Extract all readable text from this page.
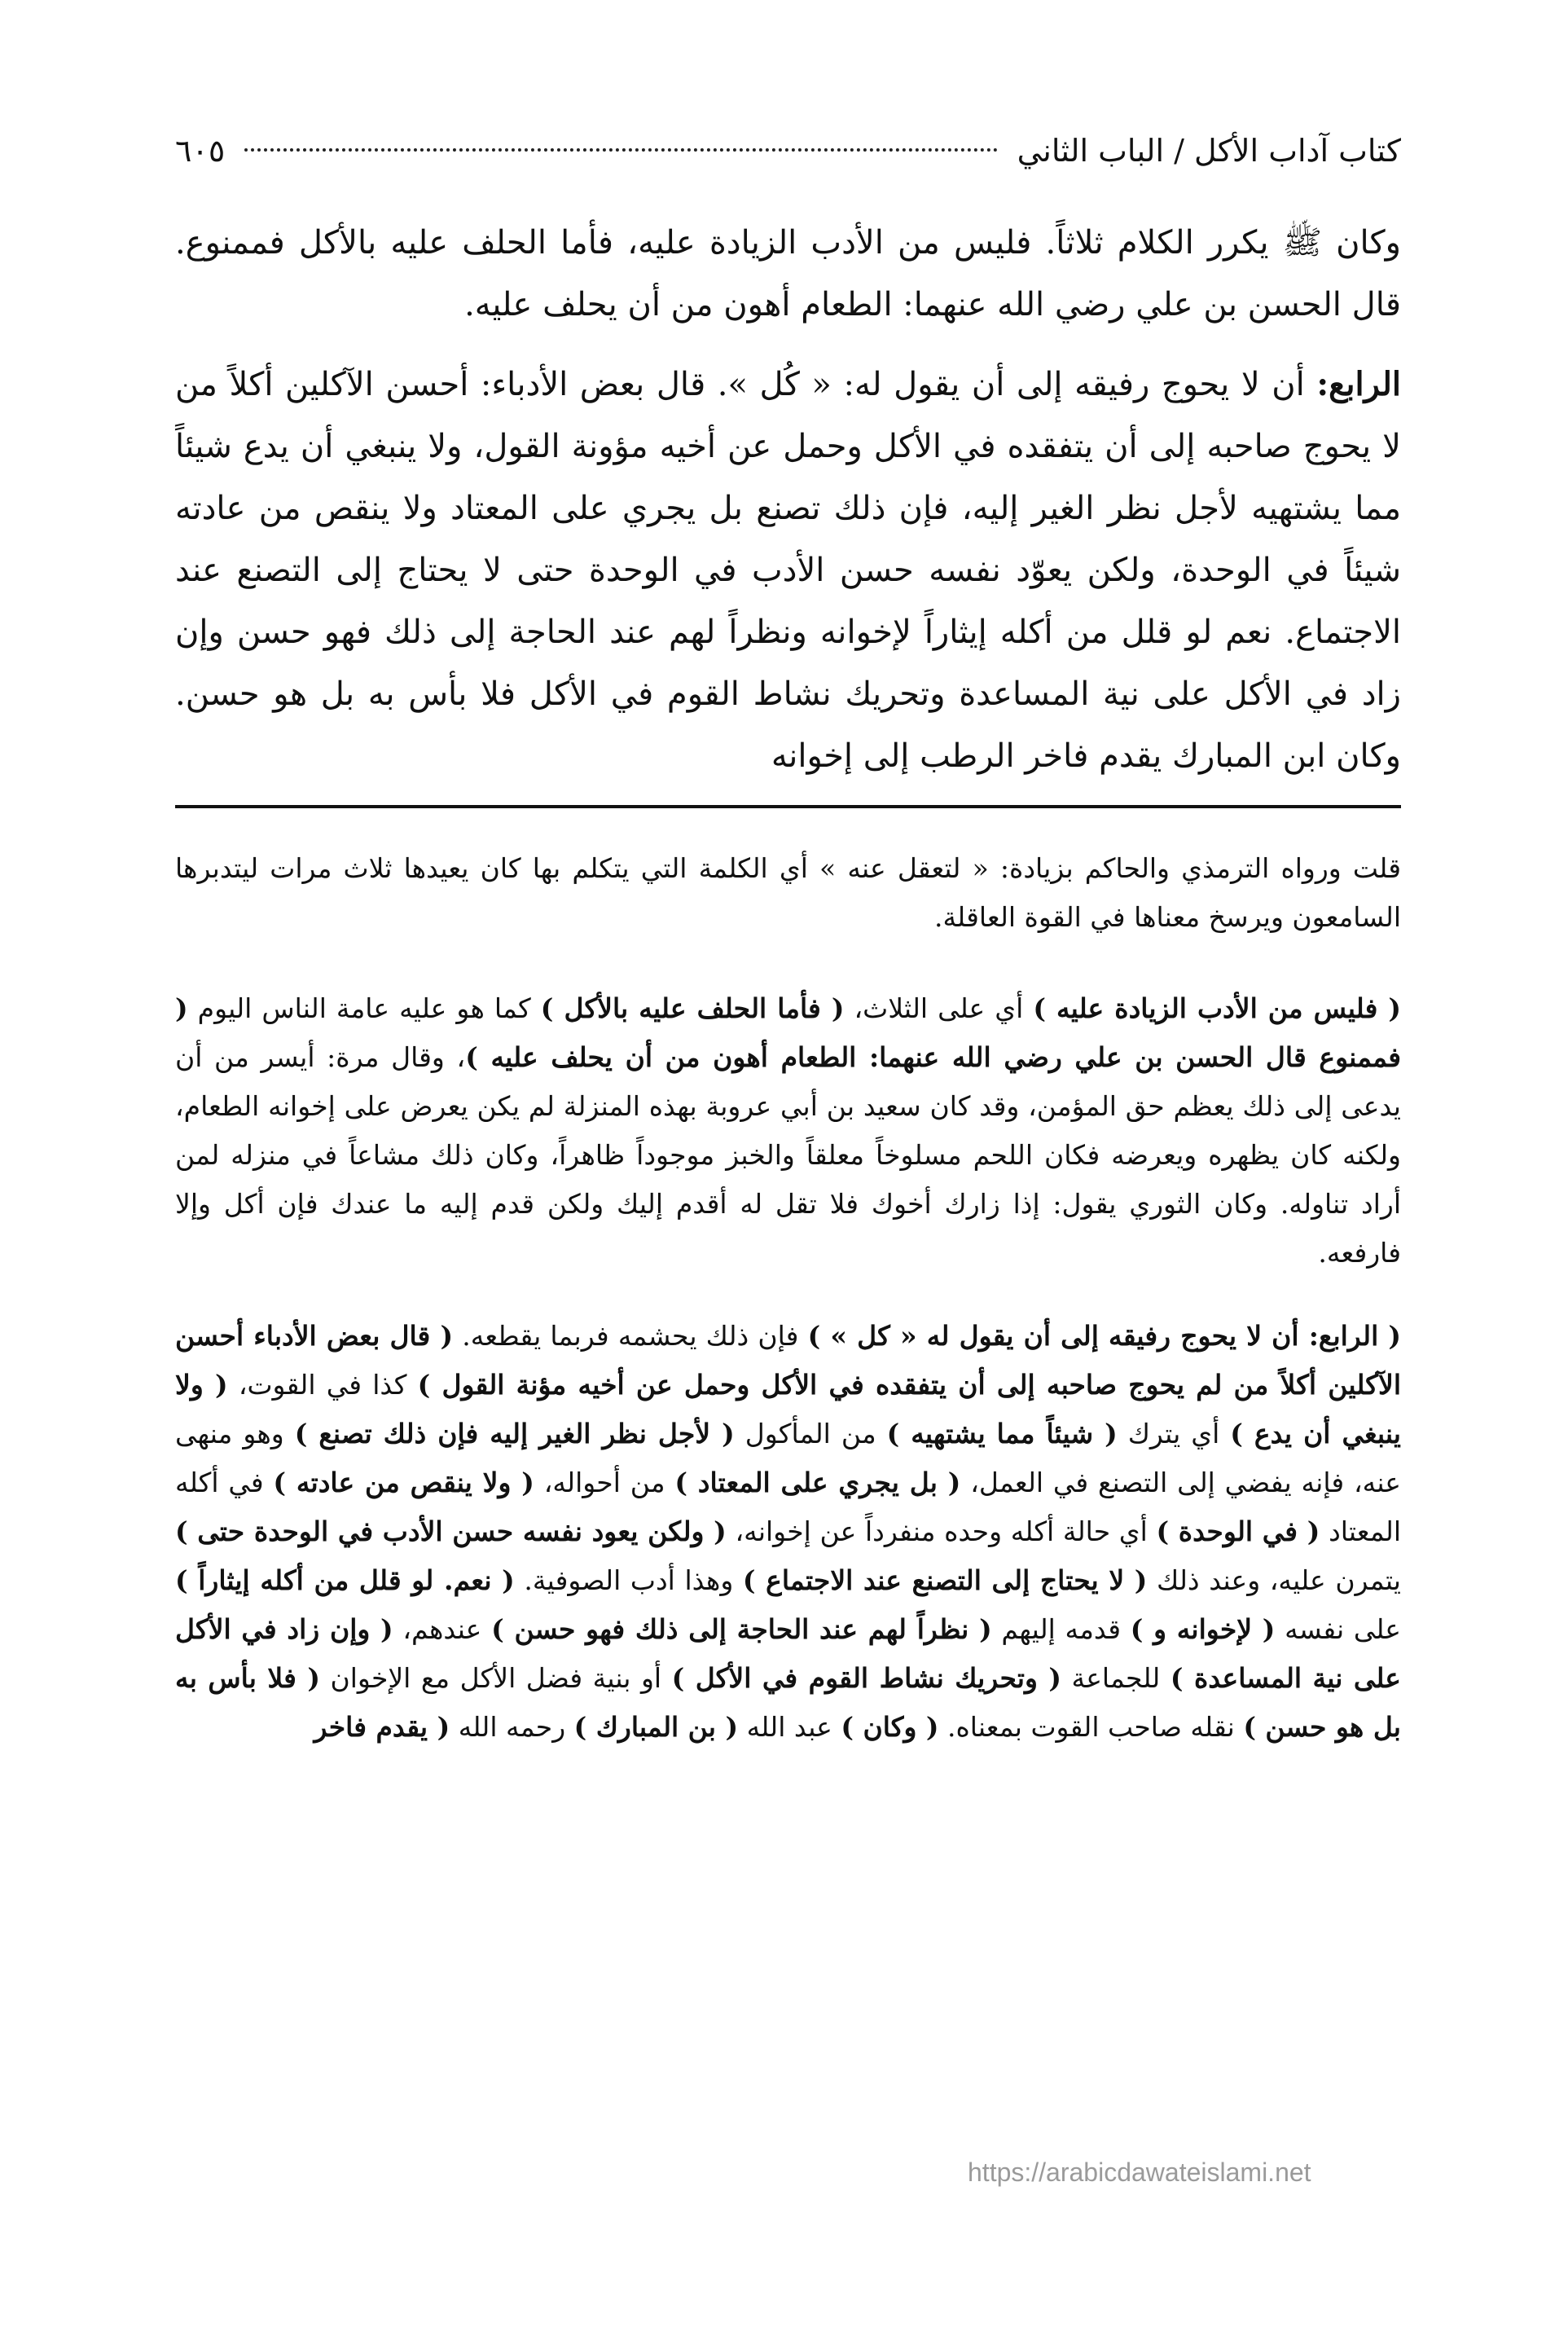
كتاب آداب الأكل / الباب الثاني
٦٠٥

وكان ﷺ يكرر الكلام ثلاثاً. فليس من الأدب الزيادة عليه، فأما الحلف عليه بالأكل فممنوع. قال الحسن بن علي رضي الله عنهما: الطعام أهون من أن يحلف عليه.

الرابع: أن لا يحوج رفيقه إلى أن يقول له: « كُل ». قال بعض الأدباء: أحسن الآكلين أكلاً من لا يحوج صاحبه إلى أن يتفقده في الأكل وحمل عن أخيه مؤونة القول، ولا ينبغي أن يدع شيئاً مما يشتهيه لأجل نظر الغير إليه، فإن ذلك تصنع بل يجري على المعتاد ولا ينقص من عادته شيئاً في الوحدة، ولكن يعوّد نفسه حسن الأدب في الوحدة حتى لا يحتاج إلى التصنع عند الاجتماع. نعم لو قلل من أكله إيثاراً لإخوانه ونظراً لهم عند الحاجة إلى ذلك فهو حسن وإن زاد في الأكل على نية المساعدة وتحريك نشاط القوم في الأكل فلا بأس به بل هو حسن. وكان ابن المبارك يقدم فاخر الرطب إلى إخوانه

قلت ورواه الترمذي والحاكم بزيادة: « لتعقل عنه » أي الكلمة التي يتكلم بها كان يعيدها ثلاث مرات ليتدبرها السامعون ويرسخ معناها في القوة العاقلة.

( فليس من الأدب الزيادة عليه ) أي على الثلاث، ( فأما الحلف عليه بالأكل ) كما هو عليه عامة الناس اليوم ( فممنوع قال الحسن بن علي رضي الله عنهما: الطعام أهون من أن يحلف عليه )، وقال مرة: أيسر من أن يدعى إلى ذلك يعظم حق المؤمن، وقد كان سعيد بن أبي عروبة بهذه المنزلة لم يكن يعرض على إخوانه الطعام، ولكنه كان يظهره ويعرضه فكان اللحم مسلوخاً معلقاً والخبز موجوداً ظاهراً، وكان ذلك مشاعاً في منزله لمن أراد تناوله. وكان الثوري يقول: إذا زارك أخوك فلا تقل له أقدم إليك ولكن قدم إليه ما عندك فإن أكل وإلا فارفعه.

( الرابع: أن لا يحوج رفيقه إلى أن يقول له « كل » ) فإن ذلك يحشمه فربما يقطعه. ( قال بعض الأدباء أحسن الآكلين أكلاً من لم يحوج صاحبه إلى أن يتفقده في الأكل وحمل عن أخيه مؤنة القول ) كذا في القوت، ( ولا ينبغي أن يدع ) أي يترك ( شيئاً مما يشتهيه ) من المأكول ( لأجل نظر الغير إليه فإن ذلك تصنع ) وهو منهى عنه، فإنه يفضي إلى التصنع في العمل، ( بل يجري على المعتاد ) من أحواله، ( ولا ينقص من عادته ) في أكله المعتاد ( في الوحدة ) أي حالة أكله وحده منفرداً عن إخوانه، ( ولكن يعود نفسه حسن الأدب في الوحدة حتى ) يتمرن عليه، وعند ذلك ( لا يحتاج إلى التصنع عند الاجتماع ) وهذا أدب الصوفية. ( نعم. لو قلل من أكله إيثاراً ) على نفسه ( لإخوانه و ) قدمه إليهم ( نظراً لهم عند الحاجة إلى ذلك فهو حسن ) عندهم، ( وإن زاد في الأكل على نية المساعدة ) للجماعة ( وتحريك نشاط القوم في الأكل ) أو بنية فضل الأكل مع الإخوان ( فلا بأس به بل هو حسن ) نقله صاحب القوت بمعناه. ( وكان ) عبد الله ( بن المبارك ) رحمه الله ( يقدم فاخر

https://arabicdawateislami.net
